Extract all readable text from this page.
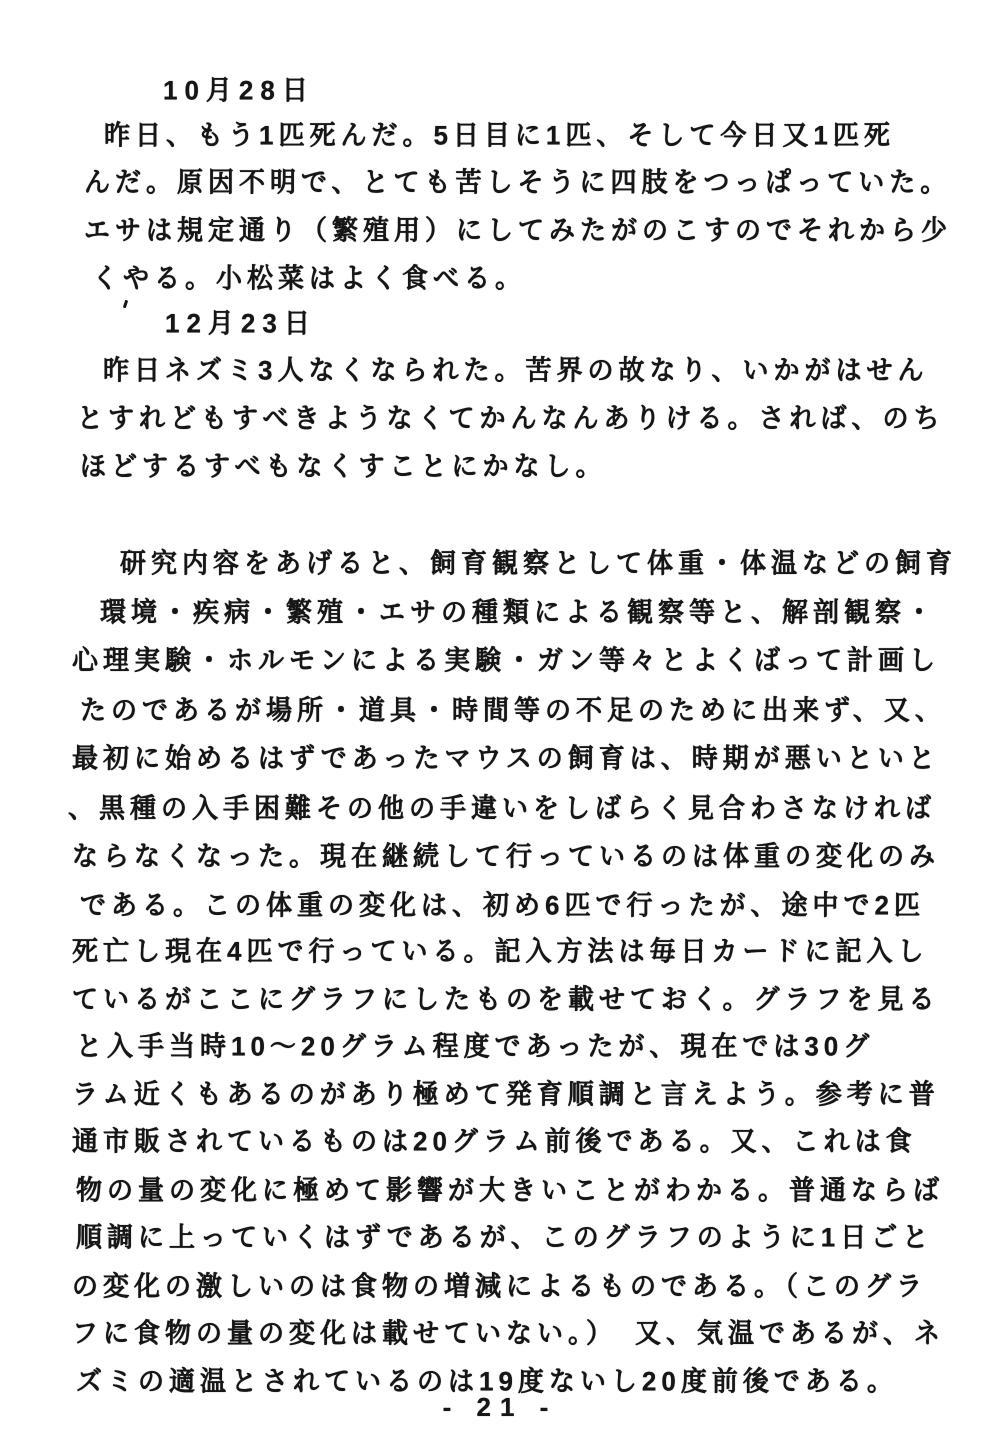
10月28日
昨日、もう1匹死んだ。5日目に1匹、そして今日又1匹死
んだ。原因不明で、とても苦しそうに四肢をつっぱっていた。
エサは規定通り（繁殖用）にしてみたがのこすのでそれから少
くやる。小松菜はよく食べる。
12月23日
昨日ネズミ3人なくなられた。苦界の故なり、いかがはせん
とすれどもすべきようなくてかんなんありける。されば、のち
ほどするすべもなくすことにかなし。
研究内容をあげると、飼育観察として体重・体温などの飼育
環境・疾病・繁殖・エサの種類による観察等と、解剖観察・
心理実験・ホルモンによる実験・ガン等々とよくばって計画し
たのであるが場所・道具・時間等の不足のために出来ず、又、
最初に始めるはずであったマウスの飼育は、時期が悪いといと
、黒種の入手困難その他の手違いをしばらく見合わさなければ
ならなくなった。現在継続して行っているのは体重の変化のみ
である。この体重の変化は、初め6匹で行ったが、途中で2匹
死亡し現在4匹で行っている。記入方法は毎日カードに記入し
ているがここにグラフにしたものを載せておく。グラフを見る
と入手当時10～20グラム程度であったが、現在では30グ
ラム近くもあるのがあり極めて発育順調と言えよう。参考に普
通市販されているものは20グラム前後である。又、これは食
物の量の変化に極めて影響が大きいことがわかる。普通ならば
順調に上っていくはずであるが、このグラフのように1日ごと
の変化の激しいのは食物の増減によるものである。（このグラ
フに食物の量の変化は載せていない。）　又、気温であるが、ネ
ズミの適温とされているのは19度ないし20度前後である。
- 21 -
